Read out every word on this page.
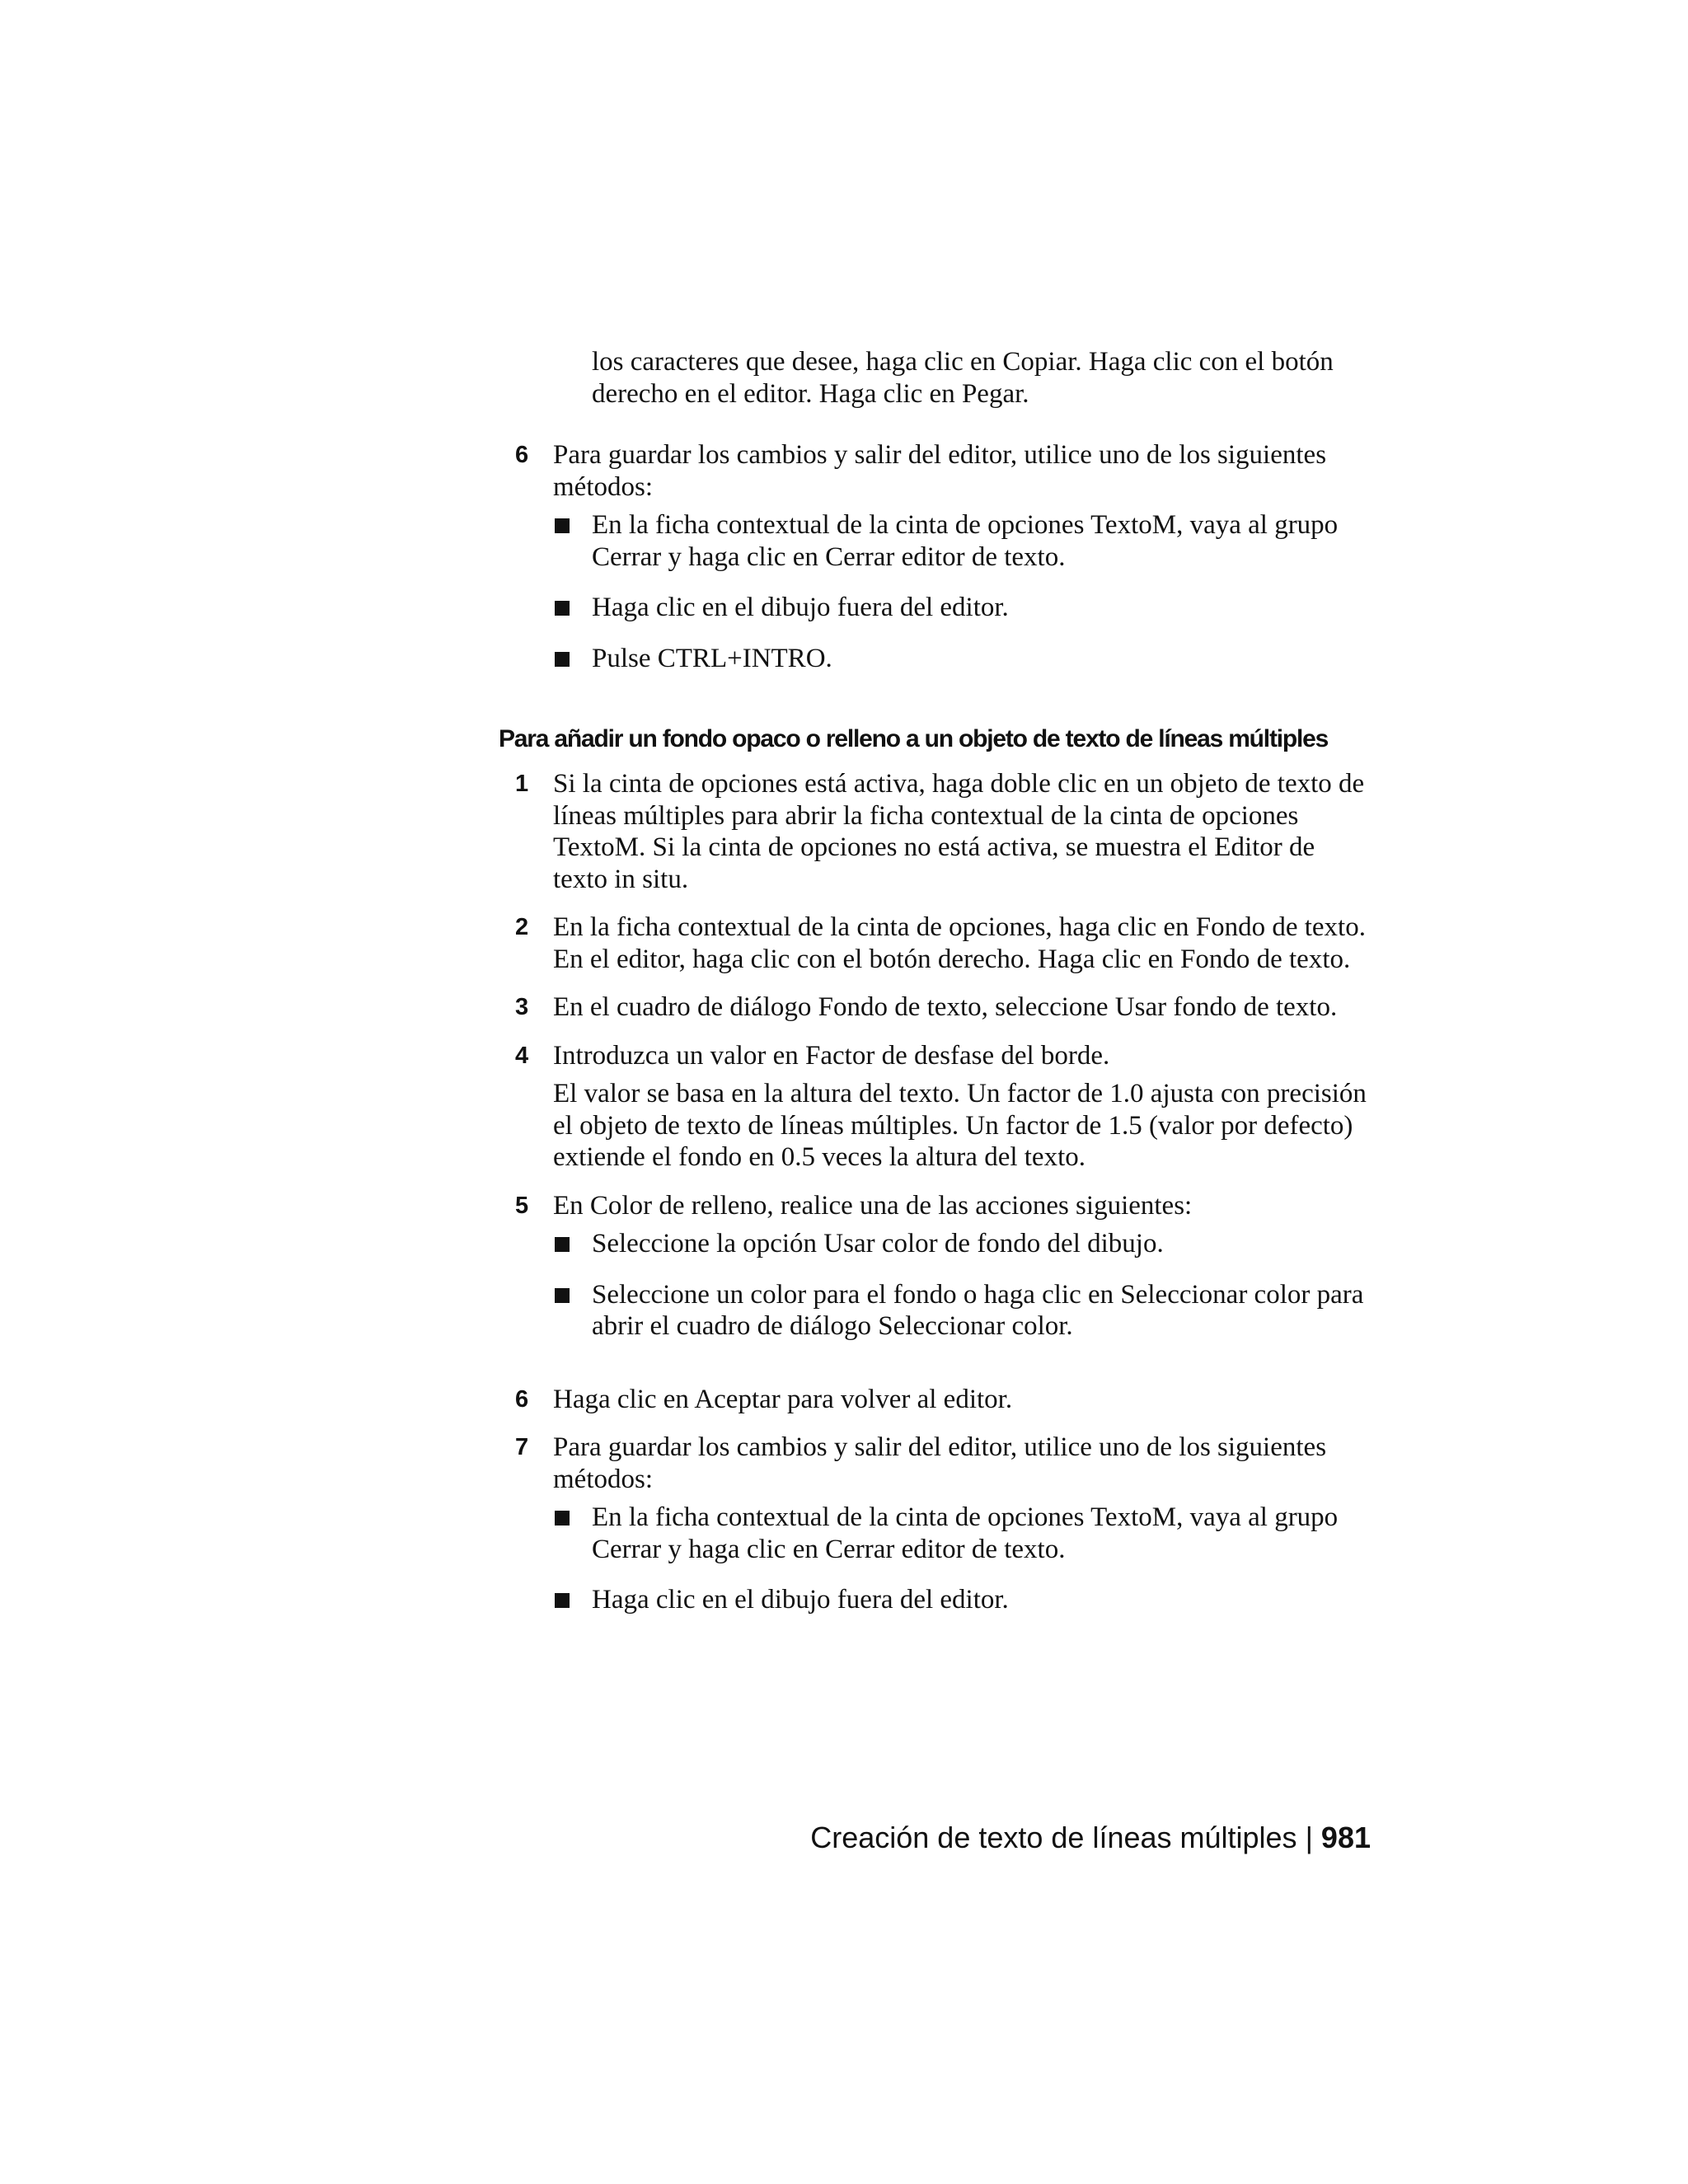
los caracteres que desee, haga clic en Copiar. Haga clic con el botón derecho en el editor. Haga clic en Pegar.

6 Para guardar los cambios y salir del editor, utilice uno de los siguientes métodos:

En la ficha contextual de la cinta de opciones TextoM, vaya al grupo Cerrar y haga clic en Cerrar editor de texto.
Haga clic en el dibujo fuera del editor.
Pulse CTRL+INTRO.
Para añadir un fondo opaco o relleno a un objeto de texto de líneas múltiples
1 Si la cinta de opciones está activa, haga doble clic en un objeto de texto de líneas múltiples para abrir la ficha contextual de la cinta de opciones TextoM. Si la cinta de opciones no está activa, se muestra el Editor de texto in situ.

2 En la ficha contextual de la cinta de opciones, haga clic en Fondo de texto. En el editor, haga clic con el botón derecho. Haga clic en Fondo de texto.

3 En el cuadro de diálogo Fondo de texto, seleccione Usar fondo de texto.

4 Introduzca un valor en Factor de desfase del borde.

El valor se basa en la altura del texto. Un factor de 1.0 ajusta con precisión el objeto de texto de líneas múltiples. Un factor de 1.5 (valor por defecto) extiende el fondo en 0.5 veces la altura del texto.

5 En Color de relleno, realice una de las acciones siguientes:

Seleccione la opción Usar color de fondo del dibujo.
Seleccione un color para el fondo o haga clic en Seleccionar color para abrir el cuadro de diálogo Seleccionar color.
6 Haga clic en Aceptar para volver al editor.

7 Para guardar los cambios y salir del editor, utilice uno de los siguientes métodos:

En la ficha contextual de la cinta de opciones TextoM, vaya al grupo Cerrar y haga clic en Cerrar editor de texto.
Haga clic en el dibujo fuera del editor.
Creación de texto de líneas múltiples | 981
